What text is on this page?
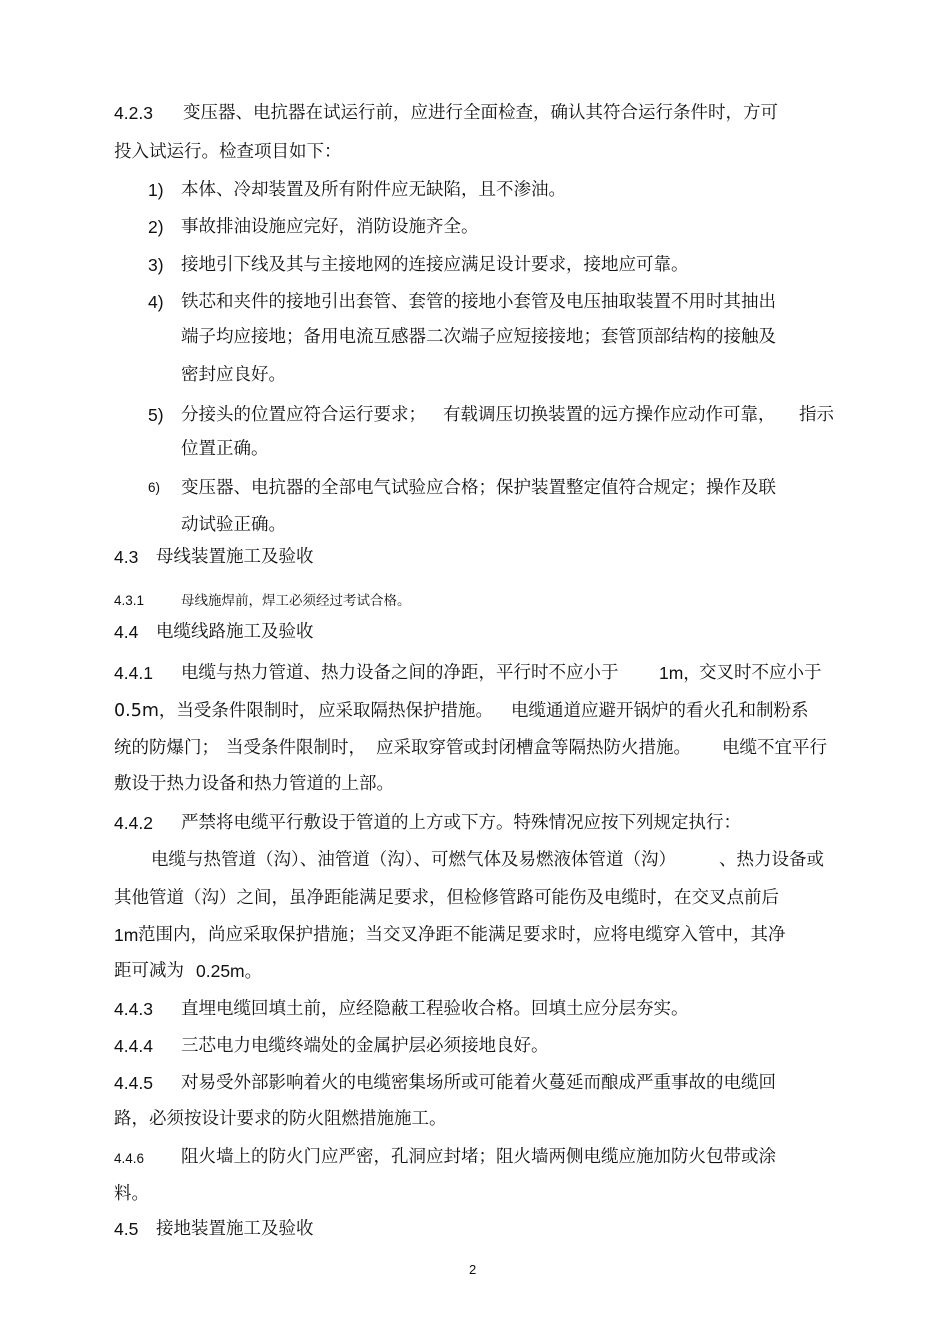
4.2.3 变压器、电抗器在试运行前，应进行全面检查，确认其符合运行条件时，方可
投入试运行。检查项目如下：
1) 本体、冷却装置及所有附件应无缺陷，且不渗油。
2) 事故排油设施应完好，消防设施齐全。
3) 接地引下线及其与主接地网的连接应满足设计要求，接地应可靠。
4) 铁芯和夹件的接地引出套管、套管的接地小套管及电压抽取装置不用时其抽出
端子均应接地；备用电流互感器二次端子应短接接地；套管顶部结构的接触及
密封应良好。
5) 分接头的位置应符合运行要求； 有载调压切换装置的远方操作应动作可靠， 指示
位置正确。
6) 变压器、电抗器的全部电气试验应合格；保护装置整定值符合规定；操作及联
动试验正确。
4.3 母线装置施工及验收
4.3.1	母线施焊前，焊工必须经过考试合格。
4.4 电缆线路施工及验收
4.4.1 电缆与热力管道、热力设备之间的净距，平行时不应小于 1m，
交叉时不应小于
0.5m，当受条件限制时， 应采取隔热保护措施。 电缆通道应避开锅炉的看火孔和制粉系
统的防爆门； 当受条件限制时， 应采取穿管或封闭槽盒等隔热防火措施。 电缆不宜平行
敷设于热力设备和热力管道的上部。
4.4.2 严禁将电缆平行敷设于管道的上方或下方。特殊情况应按下列规定执行：
电缆与热管道（沟）、油管道（沟）、可燃气体及易燃液体管道（沟） 、热力设备或
其他管道（沟）之间，虽净距能满足要求，但检修管路可能伤及电缆时，在交叉点前后
1m 范围内，尚应采取保护措施；当交叉净距不能满足要求时，应将电缆穿入管中，其净
距可减为 0.25m。
4.4.3 直埋电缆回填土前，应经隐蔽工程验收合格。回填土应分层夯实。
4.4.4 三芯电力电缆终端处的金属护层必须接地良好。
4.4.5 对易受外部影响着火的电缆密集场所或可能着火蔓延而酿成严重事故的电缆回
路，必须按设计要求的防火阻燃措施施工。
4.4.6 阻火墙上的防火门应严密，孔洞应封堵；阻火墙两侧电缆应施加防火包带或涂
料。
4.5 接地装置施工及验收
2
